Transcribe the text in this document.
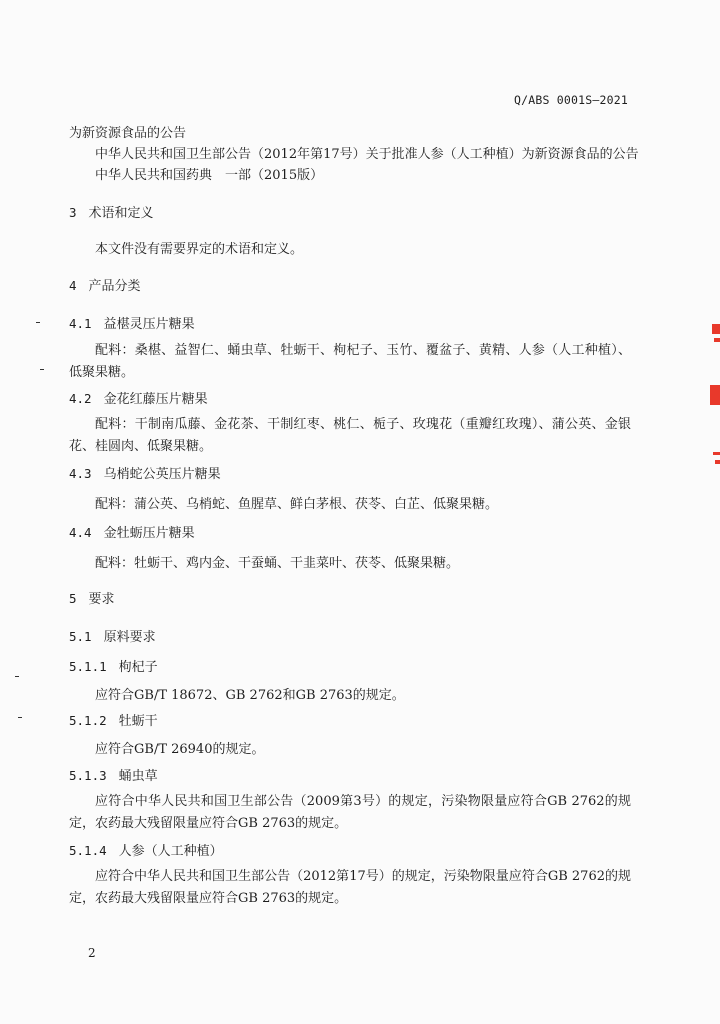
Q/ABS 0001S—2021
为新资源食品的公告
中华人民共和国卫生部公告（2012年第17号）关于批准人参（人工种植）为新资源食品的公告
中华人民共和国药典　一部（2015版）
3 术语和定义
本文件没有需要界定的术语和定义。
4 产品分类
4.1 益椹灵压片糖果
配料：桑椹、益智仁、蛹虫草、牡蛎干、枸杞子、玉竹、覆盆子、黄精、人参（人工种植）、低聚果糖。
4.2 金花红藤压片糖果
配料：干制南瓜藤、金花茶、干制红枣、桃仁、栀子、玫瑰花（重瓣红玫瑰）、蒲公英、金银花、桂圆肉、低聚果糖。
4.3 乌梢蛇公英压片糖果
配料：蒲公英、乌梢蛇、鱼腥草、鲜白茅根、茯苓、白芷、低聚果糖。
4.4 金牡蛎压片糖果
配料：牡蛎干、鸡内金、干蚕蛹、干韭菜叶、茯苓、低聚果糖。
5 要求
5.1 原料要求
5.1.1 枸杞子
应符合GB/T 18672、GB 2762和GB 2763的规定。
5.1.2 牡蛎干
应符合GB/T 26940的规定。
5.1.3 蛹虫草
应符合中华人民共和国卫生部公告（2009第3号）的规定，污染物限量应符合GB 2762的规定，农药最大残留限量应符合GB 2763的规定。
5.1.4 人参（人工种植）
应符合中华人民共和国卫生部公告（2012第17号）的规定，污染物限量应符合GB 2762的规定，农药最大残留限量应符合GB 2763的规定。
2
